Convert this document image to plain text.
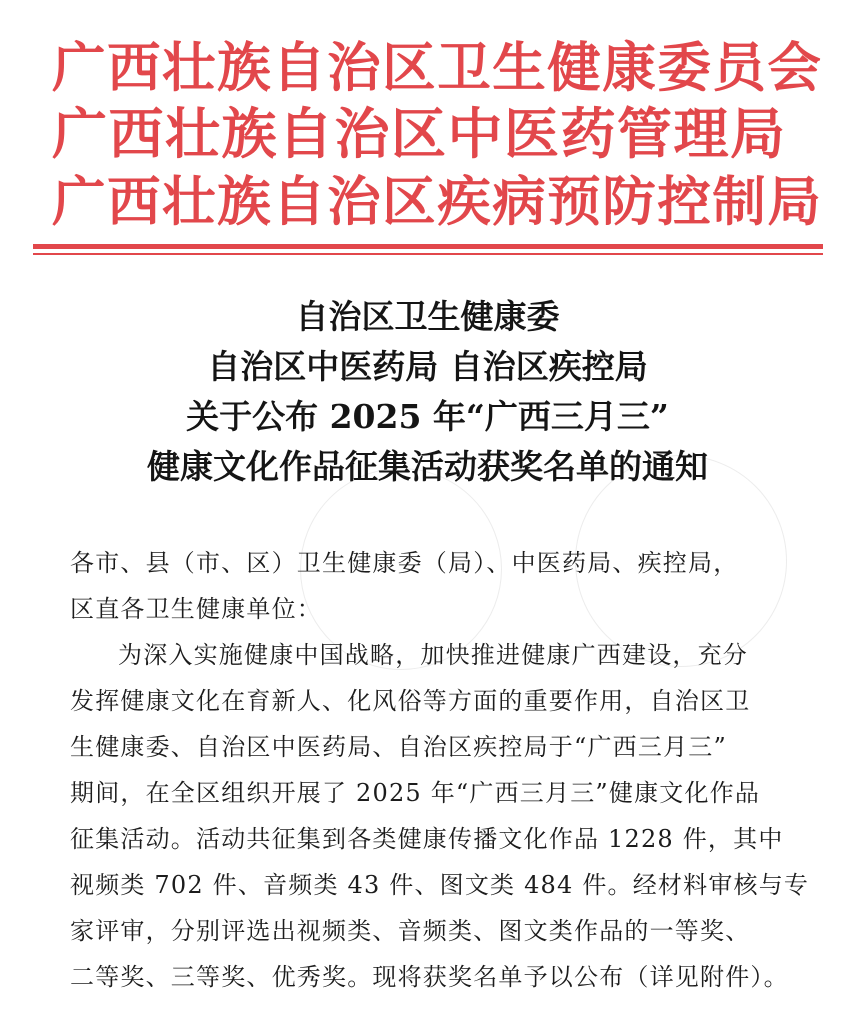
广西壮族自治区卫生健康委员会
广西壮族自治区中医药管理局
广西壮族自治区疾病预防控制局
自治区卫生健康委
自治区中医药局 自治区疾控局
关于公布 2025 年“广西三月三”
健康文化作品征集活动获奖名单的通知
各市、县（市、区）卫生健康委（局）、中医药局、疾控局，
区直各卫生健康单位：
为深入实施健康中国战略，加快推进健康广西建设，充分
发挥健康文化在育新人、化风俗等方面的重要作用，自治区卫
生健康委、自治区中医药局、自治区疾控局于“广西三月三”
期间，在全区组织开展了 2025 年“广西三月三”健康文化作品
征集活动。活动共征集到各类健康传播文化作品 1228 件，其中
视频类 702 件、音频类 43 件、图文类 484 件。经材料审核与专
家评审，分别评选出视频类、音频类、图文类作品的一等奖、
二等奖、三等奖、优秀奖。现将获奖名单予以公布（详见附件）。
